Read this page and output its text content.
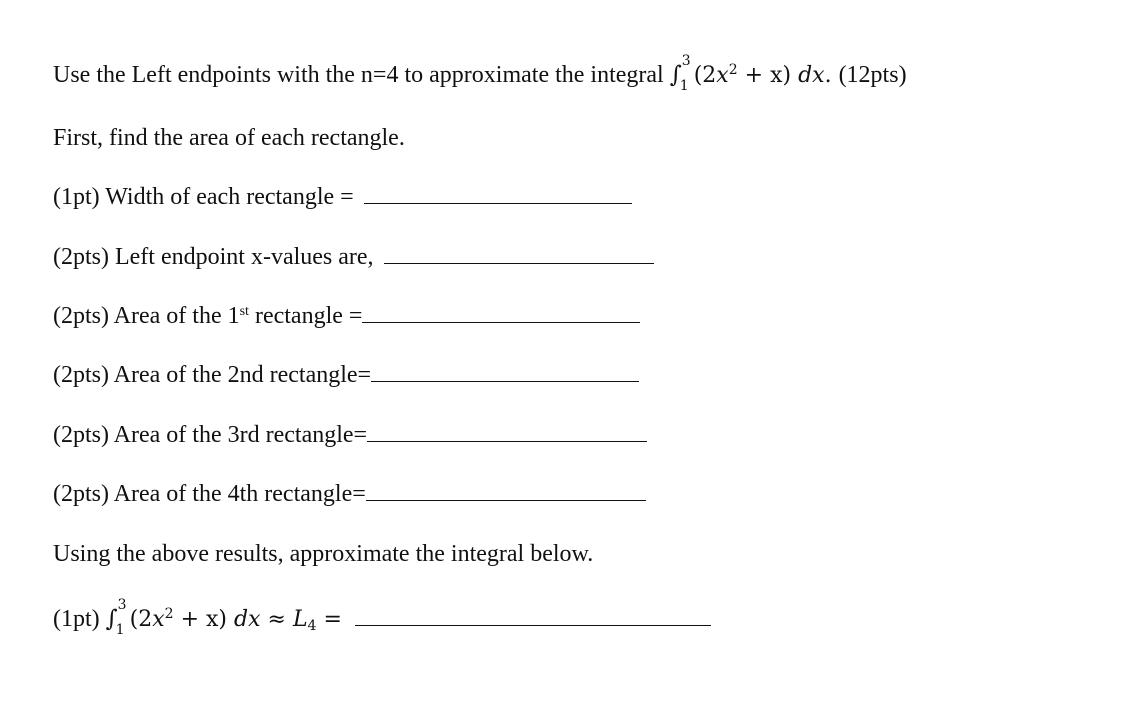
Use the Left endpoints with the n=4 to approximate the integral ∫
3
1 $(2x^2 + x)$ dx. (12pts)
First, find the area of each rectangle.
(1pt) Width of each rectangle =
(2pts) Left endpoint x-values are,
(2pts) Area of the 1st rectangle =
(2pts) Area of the 2nd rectangle=
(2pts) Area of the 3rd rectangle=
(2pts) Area of the 4th rectangle=
Using the above results, approximate the integral below.
(1pt) ∫
3
1 $(2x^2 + x)$ dx ≈ $L_4$ =
